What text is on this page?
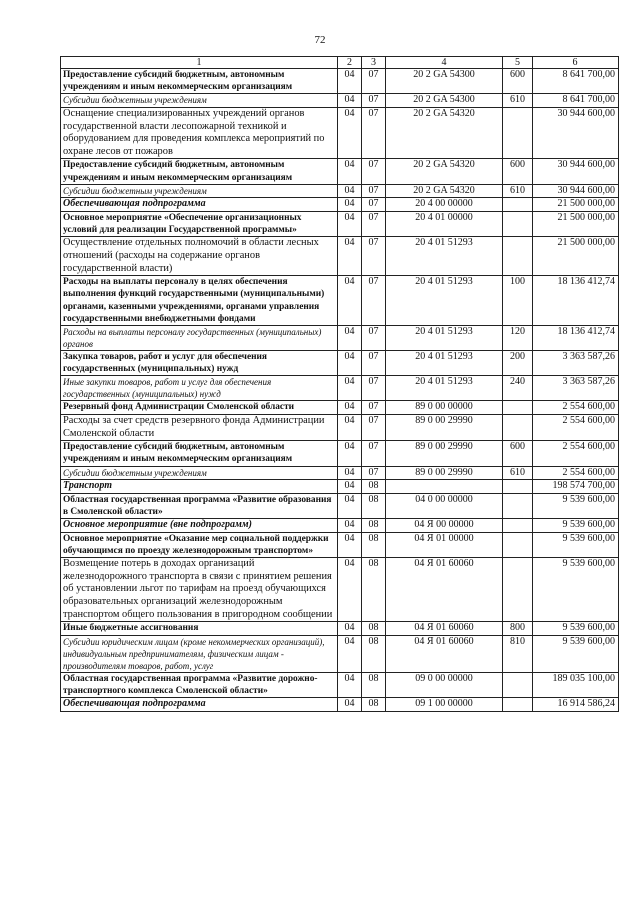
72
1	2	3	4	5	6
Предоставление субсидий бюджетным, автономным учреждениям и иным некоммерческим организациям	04	07	20 2 GA 54300	600	8 641 700,00
Субсидии бюджетным учреждениям	04	07	20 2 GA 54300	610	8 641 700,00
Оснащение специализированных учреждений органов государственной власти лесопожарной техникой и оборудованием для проведения комплекса мероприятий по охране лесов от пожаров	04	07	20 2 GA 54320		30 944 600,00
Предоставление субсидий бюджетным, автономным учреждениям и иным некоммерческим организациям	04	07	20 2 GA 54320	600	30 944 600,00
Субсидии бюджетным учреждениям	04	07	20 2 GA 54320	610	30 944 600,00
Обеспечивающая подпрограмма	04	07	20 4 00 00000		21 500 000,00
Основное мероприятие «Обеспечение организационных условий для реализации Государственной программы»	04	07	20 4 01 00000		21 500 000,00
Осуществление отдельных полномочий в области лесных отношений (расходы на содержание органов государственной власти)	04	07	20 4 01 51293		21 500 000,00
Расходы на выплаты персоналу в целях обеспечения выполнения функций государственными (муниципальными) органами, казенными учреждениями, органами управления государственными внебюджетными фондами	04	07	20 4 01 51293	100	18 136 412,74
Расходы на выплаты персоналу государственных (муниципальных) органов	04	07	20 4 01 51293	120	18 136 412,74
Закупка товаров, работ и услуг для обеспечения государственных (муниципальных) нужд	04	07	20 4 01 51293	200	3 363 587,26
Иные закупки товаров, работ и услуг для обеспечения государственных (муниципальных) нужд	04	07	20 4 01 51293	240	3 363 587,26
Резервный фонд Администрации Смоленской области	04	07	89 0 00 00000		2 554 600,00
Расходы за счет средств резервного фонда Администрации Смоленской области	04	07	89 0 00 29990		2 554 600,00
Предоставление субсидий бюджетным, автономным учреждениям и иным некоммерческим организациям	04	07	89 0 00 29990	600	2 554 600,00
Субсидии бюджетным учреждениям	04	07	89 0 00 29990	610	2 554 600,00
Транспорт	04	08			198 574 700,00
Областная государственная программа «Развитие образования в Смоленской области»	04	08	04 0 00 00000		9 539 600,00
Основное мероприятие (вне подпрограмм)	04	08	04 Я 00 00000		9 539 600,00
Основное мероприятие «Оказание мер социальной поддержки обучающимся по проезду железнодорожным транспортом»	04	08	04 Я 01 00000		9 539 600,00
Возмещение потерь в доходах организаций железнодорожного транспорта в связи с принятием решения об установлении льгот по тарифам на проезд обучающихся образовательных организаций железнодорожным транспортом общего пользования в пригородном сообщении	04	08	04 Я 01 60060		9 539 600,00
Иные бюджетные ассигнования	04	08	04 Я 01 60060	800	9 539 600,00
Субсидии юридическим лицам (кроме некоммерческих организаций), индивидуальным предпринимателям, физическим лицам - производителям товаров, работ, услуг	04	08	04 Я 01 60060	810	9 539 600,00
Областная государственная программа «Развитие дорожно-транспортного комплекса Смоленской области»	04	08	09 0 00 00000		189 035 100,00
Обеспечивающая подпрограмма	04	08	09 1 00 00000		16 914 586,24
